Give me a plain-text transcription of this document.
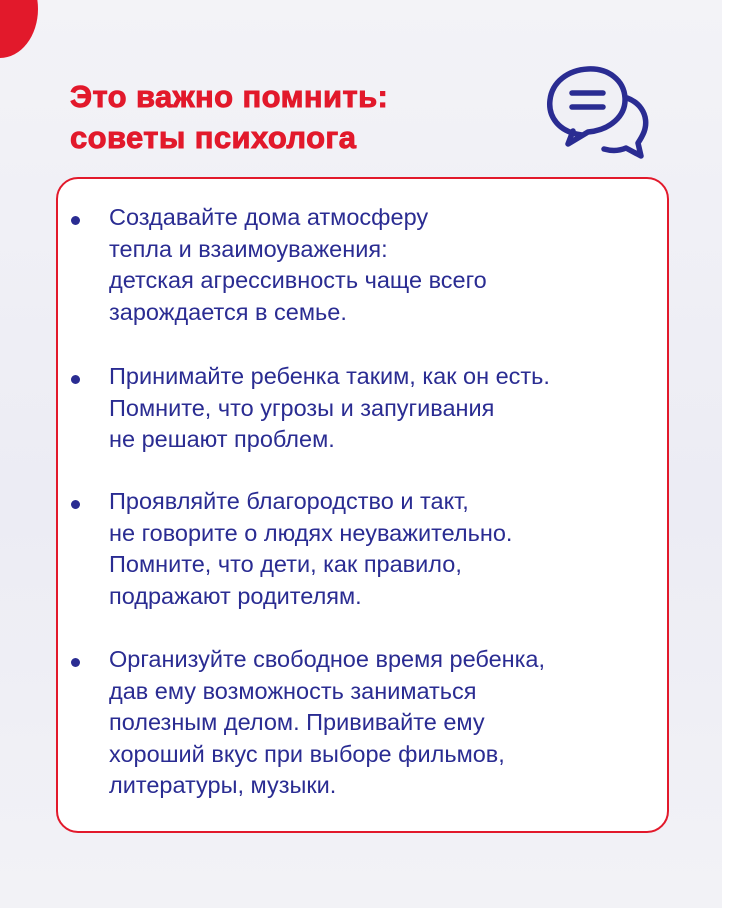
Это важно помнить:
советы психолога

Создавайте дома атмосферу
тепла и взаимоуважения:
детская агрессивность чаще всего
зарождается в семье.

Принимайте ребенка таким, как он есть.
Помните, что угрозы и запугивания
не решают проблем.

Проявляйте благородство и такт,
не говорите о людях неуважительно.
Помните, что дети, как правило,
подражают родителям.

Организуйте свободное время ребенка,
дав ему возможность заниматься
полезным делом. Прививайте ему
хороший вкус при выборе фильмов,
литературы, музыки.
